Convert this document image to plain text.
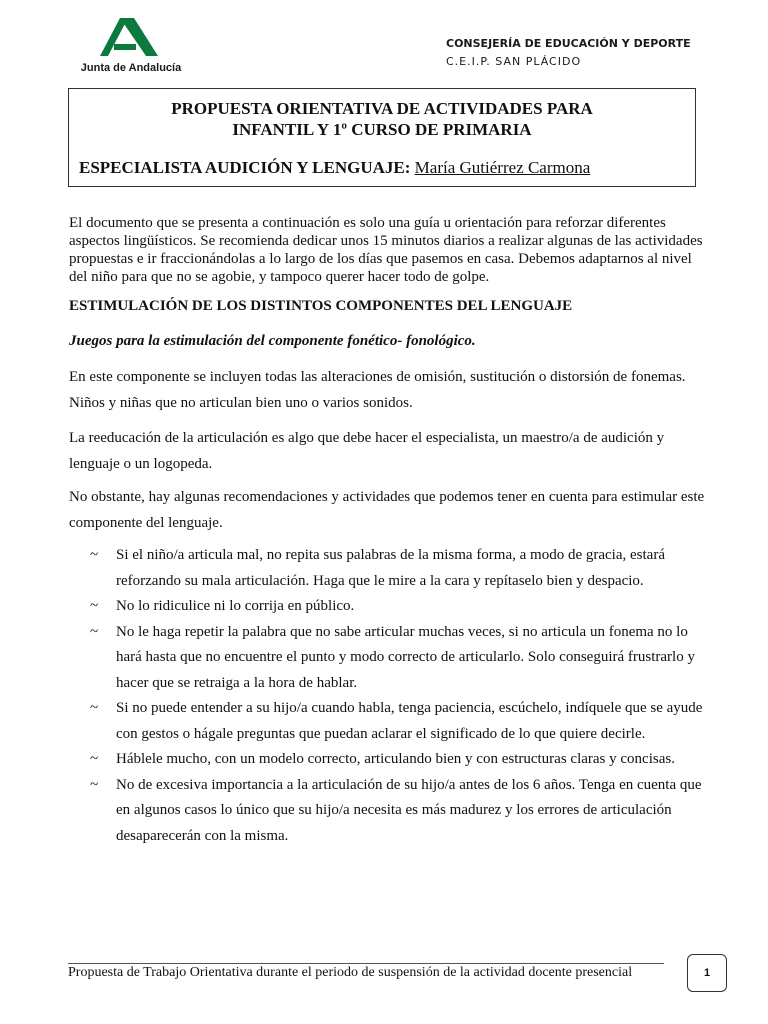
Junta de Andalucía
CONSEJERÍA DE EDUCACIÓN Y DEPORTE
C.E.I.P. SAN PLÁCIDO
PROPUESTA ORIENTATIVA DE ACTIVIDADES PARA
INFANTIL Y 1º CURSO DE PRIMARIA
ESPECIALISTA AUDICIÓN Y LENGUAJE: María Gutiérrez Carmona

El documento que se presenta a continuación es solo una guía u orientación para reforzar diferentes aspectos lingüísticos. Se recomienda dedicar unos 15 minutos diarios a realizar algunas de las actividades propuestas e ir fraccionándolas a lo largo de los días que pasemos en casa. Debemos adaptarnos al nivel del niño para que no se agobie, y tampoco querer hacer todo de golpe.

ESTIMULACIÓN DE LOS DISTINTOS COMPONENTES DEL LENGUAJE

Juegos para la estimulación del componente fonético- fonológico.

En este componente se incluyen todas las alteraciones de omisión, sustitución o distorsión de fonemas. Niños y niñas que no articulan bien uno o varios sonidos.

La reeducación de la articulación es algo que debe hacer el especialista, un maestro/a de audición y lenguaje o un logopeda.

No obstante, hay algunas recomendaciones y actividades que podemos tener en cuenta para estimular este componente del lenguaje.

~ Si el niño/a articula mal, no repita sus palabras de la misma forma, a modo de gracia, estará reforzando su mala articulación. Haga que le mire a la cara y repítaselo bien y despacio.
~ No lo ridiculice ni lo corrija en público.
~ No le haga repetir la palabra que no sabe articular muchas veces, si no articula un fonema no lo hará hasta que no encuentre el punto y modo correcto de articularlo. Solo conseguirá frustrarlo y hacer que se retraiga a la hora de hablar.
~ Si no puede entender a su hijo/a cuando habla, tenga paciencia, escúchelo, indíquele que se ayude con gestos o hágale preguntas que puedan aclarar el significado de lo que quiere decirle.
~ Háblele mucho, con un modelo correcto, articulando bien y con estructuras claras y concisas.
~ No de excesiva importancia a la articulación de su hijo/a antes de los 6 años. Tenga en cuenta que en algunos casos lo único que su hijo/a necesita es más madurez y los errores de articulación desaparecerán con la misma.
Propuesta de Trabajo Orientativa durante el periodo de suspensión de la actividad docente presencial	1
